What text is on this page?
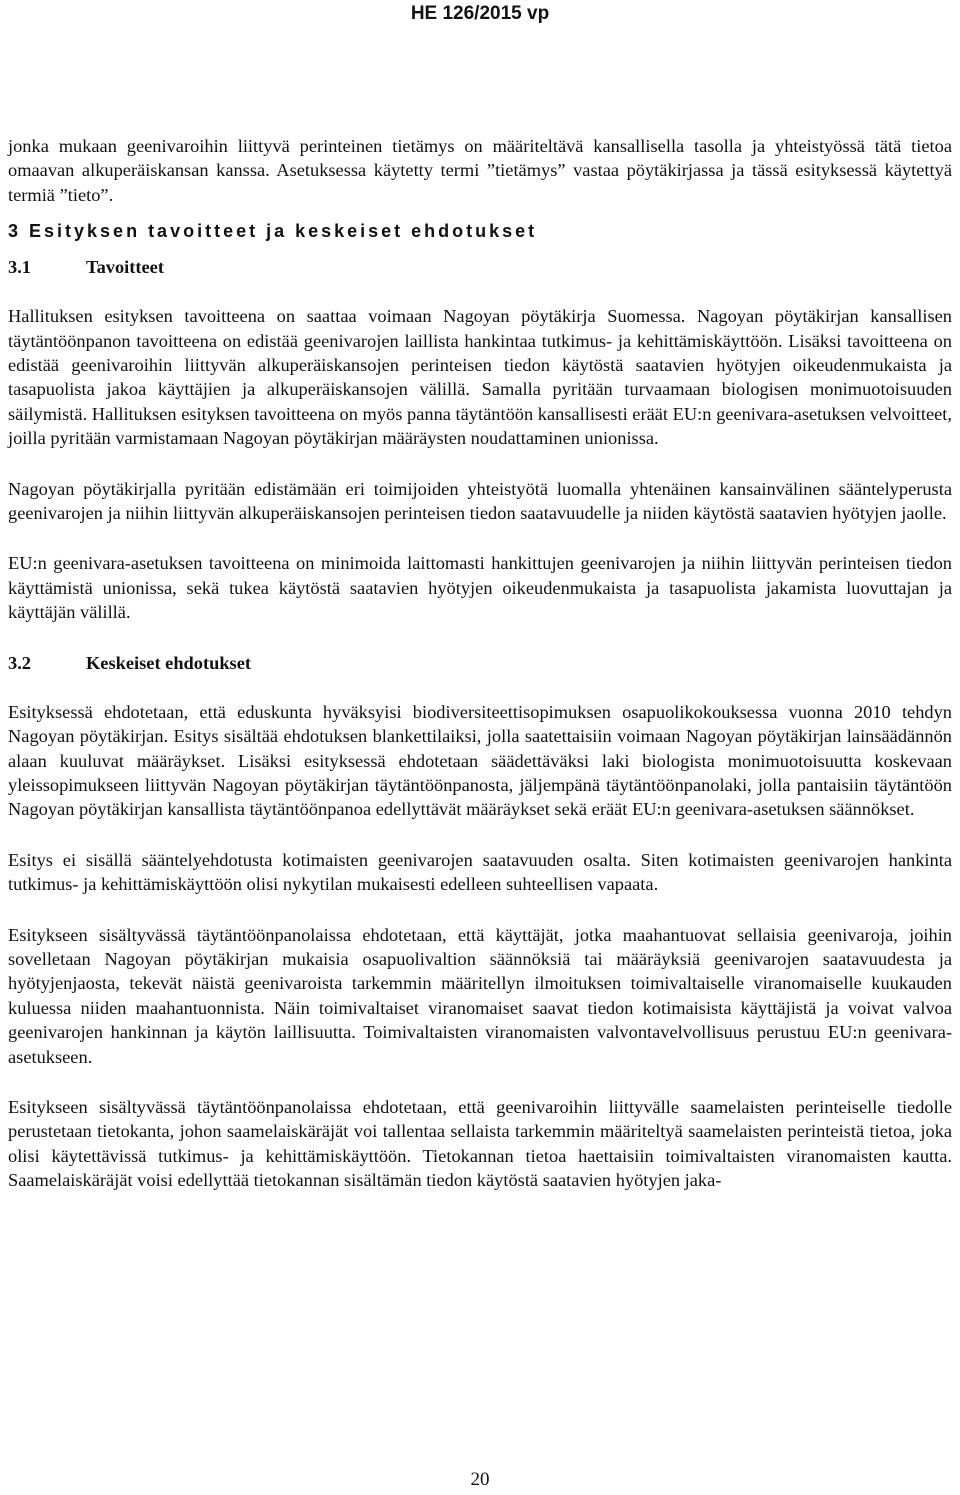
HE 126/2015 vp

jonka mukaan geenivaroihin liittyvä perinteinen tietämys on määriteltävä kansallisella tasolla ja yhteistyössä tätä tietoa omaavan alkuperäiskansan kanssa. Asetuksessa käytetty termi ”tietämys” vastaa pöytäkirjassa ja tässä esityksessä käytettyä termiä ”tieto”.

3 Esityksen tavoitteet ja keskeiset ehdotukset
3.1	Tavoitteet

Hallituksen esityksen tavoitteena on saattaa voimaan Nagoyan pöytäkirja Suomessa. Nagoyan pöytäkirjan kansallisen täytäntöönpanon tavoitteena on edistää geenivarojen laillista hankintaa tutkimus- ja kehittämiskäyttöön. Lisäksi tavoitteena on edistää geenivaroihin liittyvän alkuperäiskansojen perinteisen tiedon käytöstä saatavien hyötyjen oikeudenmukaista ja tasapuolista jakoa käyttäjien ja alkuperäiskansojen välillä. Samalla pyritään turvaamaan biologisen monimuotoisuuden säilymistä. Hallituksen esityksen tavoitteena on myös panna täytäntöön kansallisesti eräät EU:n geenivara-asetuksen velvoitteet, joilla pyritään varmistamaan Nagoyan pöytäkirjan määräysten noudattaminen unionissa.

Nagoyan pöytäkirjalla pyritään edistämään eri toimijoiden yhteistyötä luomalla yhtenäinen kansainvälinen sääntelyperusta geenivarojen ja niihin liittyvän alkuperäiskansojen perinteisen tiedon saatavuudelle ja niiden käytöstä saatavien hyötyjen jaolle.

EU:n geenivara-asetuksen tavoitteena on minimoida laittomasti hankittujen geenivarojen ja niihin liittyvän perinteisen tiedon käyttämistä unionissa, sekä tukea käytöstä saatavien hyötyjen oikeudenmukaista ja tasapuolista jakamista luovuttajan ja käyttäjän välillä.

3.2	Keskeiset ehdotukset

Esityksessä ehdotetaan, että eduskunta hyväksyisi biodiversiteettisopimuksen osapuolikokouksessa vuonna 2010 tehdyn Nagoyan pöytäkirjan. Esitys sisältää ehdotuksen blankettilaiksi, jolla saatettaisiin voimaan Nagoyan pöytäkirjan lainsäädännön alaan kuuluvat määräykset. Lisäksi esityksessä ehdotetaan säädettäväksi laki biologista monimuotoisuutta koskevaan yleissopimukseen liittyvän Nagoyan pöytäkirjan täytäntöönpanosta, jäljempänä täytäntöönpanolaki, jolla pantaisiin täytäntöön Nagoyan pöytäkirjan kansallista täytäntöönpanoa edellyttävät määräykset sekä eräät EU:n geenivara-asetuksen säännökset.

Esitys ei sisällä sääntelyehdotusta kotimaisten geenivarojen saatavuuden osalta. Siten kotimaisten geenivarojen hankinta tutkimus- ja kehittämiskäyttöön olisi nykytilan mukaisesti edelleen suhteellisen vapaata.

Esitykseen sisältyvässä täytäntöönpanolaissa ehdotetaan, että käyttäjät, jotka maahantuovat sellaisia geenivaroja, joihin sovelletaan Nagoyan pöytäkirjan mukaisia osapuolivaltion säännöksiä tai määräyksiä geenivarojen saatavuudesta ja hyötyjenjaosta, tekevät näistä geenivaroista tarkemmin määritellyn ilmoituksen toimivaltaiselle viranomaiselle kuukauden kuluessa niiden maahantuonnista. Näin toimivaltaiset viranomaiset saavat tiedon kotimaisista käyttäjistä ja voivat valvoa geenivarojen hankinnan ja käytön laillisuutta. Toimivaltaisten viranomaisten valvontavelvollisuus perustuu EU:n geenivara-asetukseen.

Esitykseen sisältyvässä täytäntöönpanolaissa ehdotetaan, että geenivaroihin liittyvälle saamelaisten perinteiselle tiedolle perustetaan tietokanta, johon saamelaiskäräjät voi tallentaa sellaista tarkemmin määriteltyä saamelaisten perinteistä tietoa, joka olisi käytettävissä tutkimus- ja kehittämiskäyttöön. Tietokannan tietoa haettaisiin toimivaltaisten viranomaisten kautta. Saamelaiskäräjät voisi edellyttää tietokannan sisältämän tiedon käytöstä saatavien hyötyjen jaka-

20
